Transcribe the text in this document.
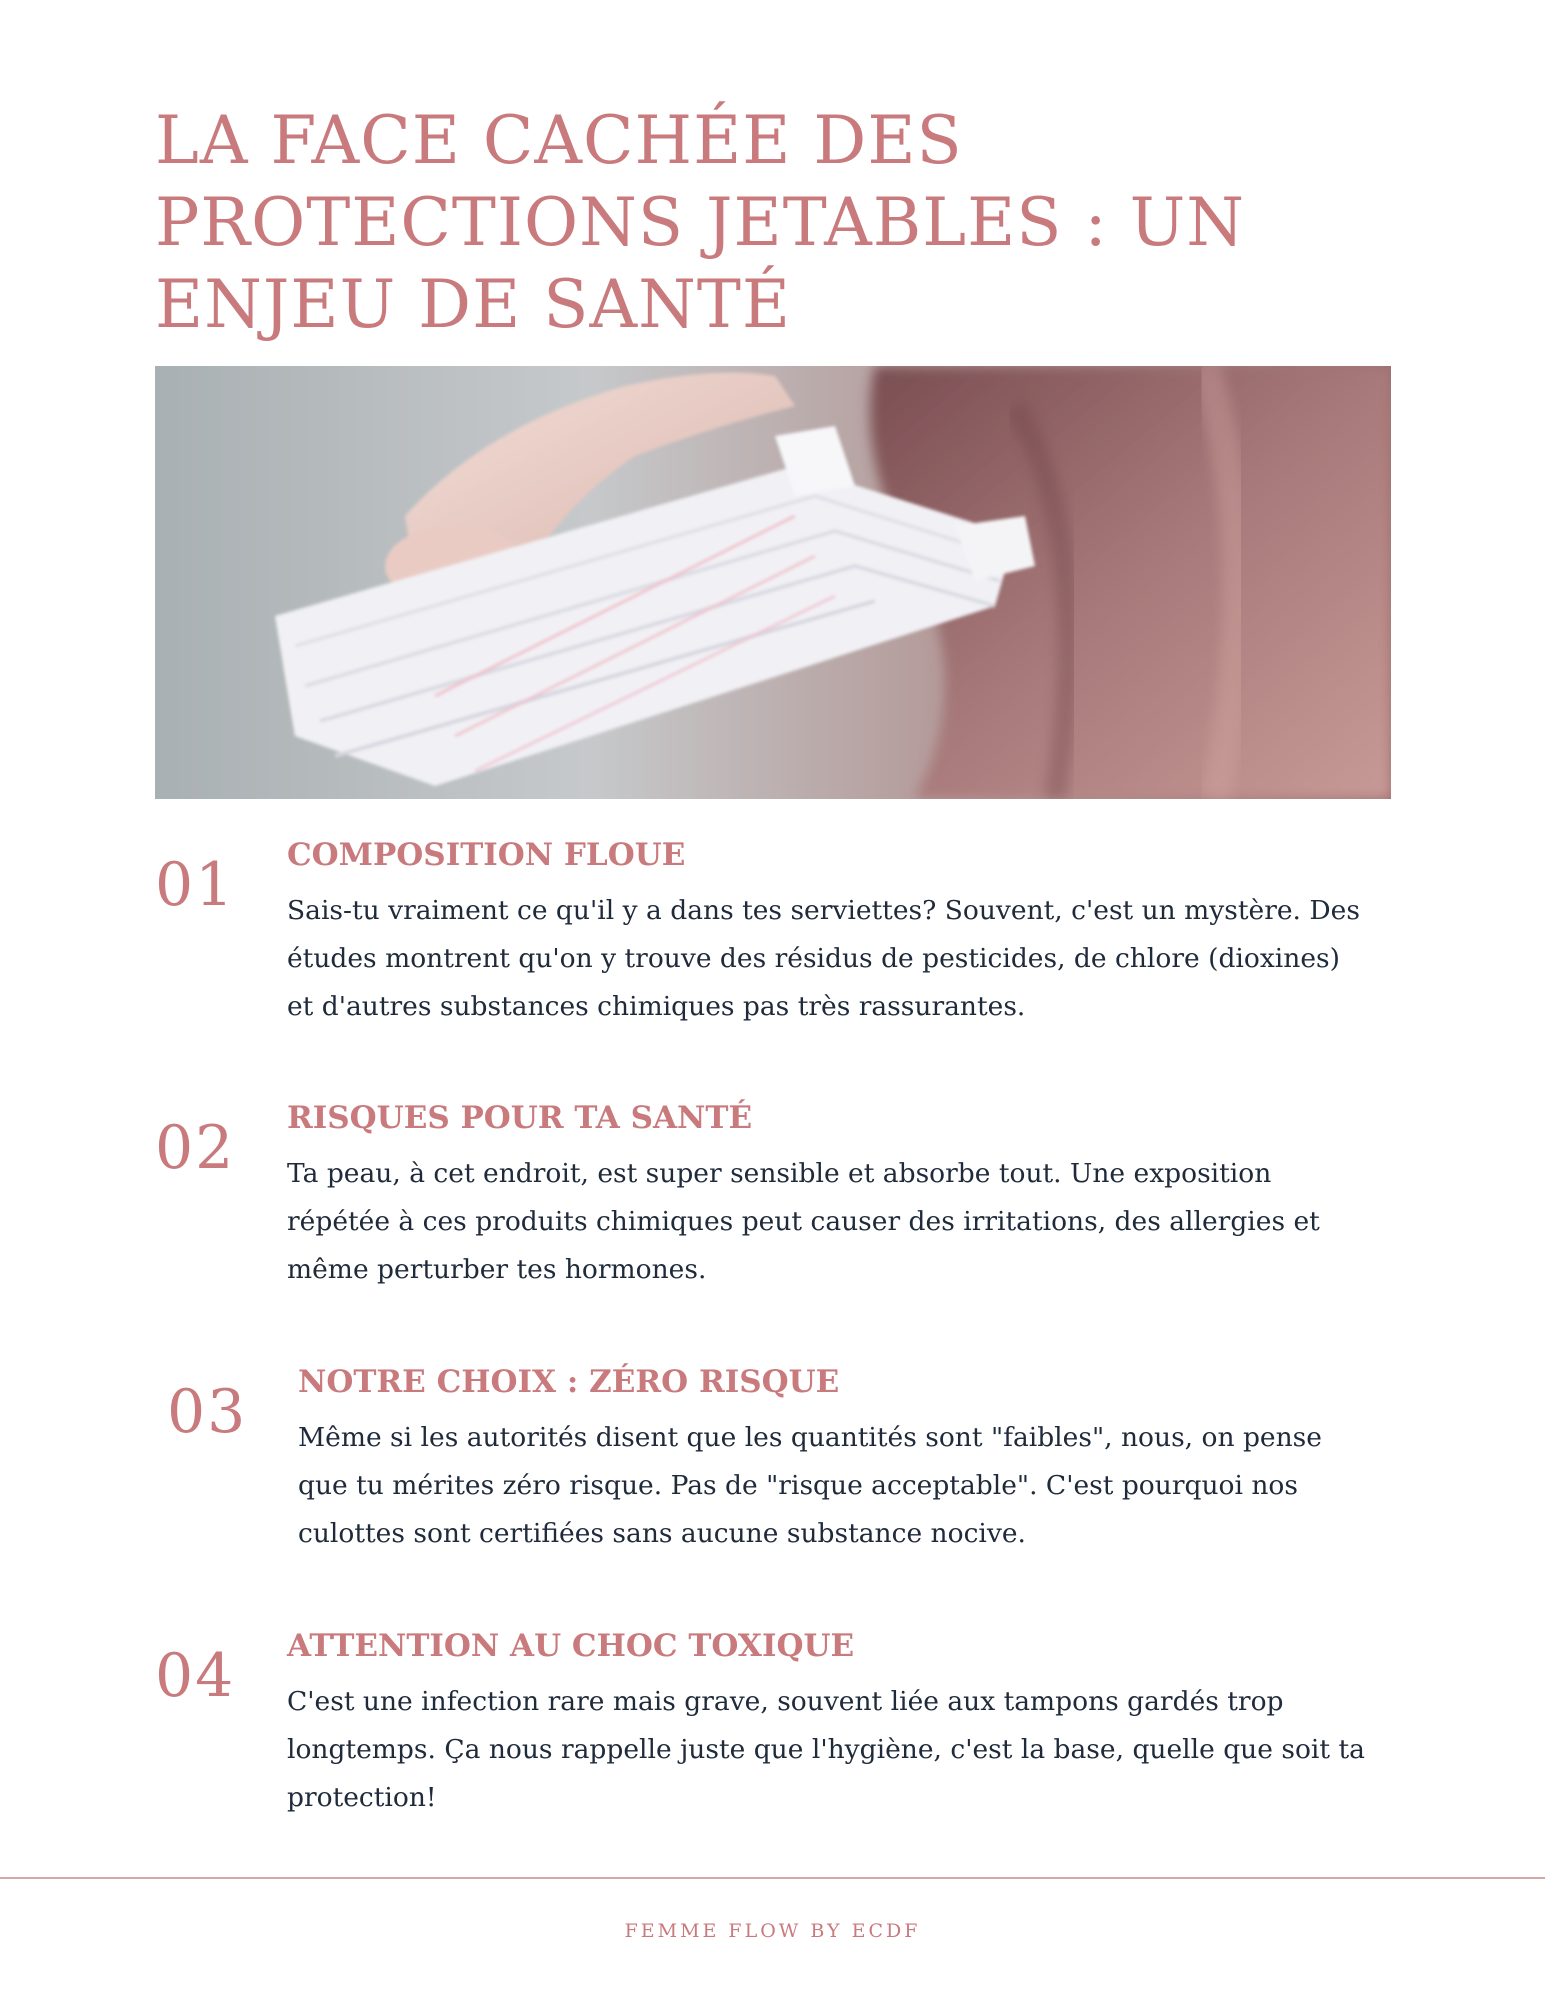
LA FACE CACHÉE DES PROTECTIONS JETABLES : UN ENJEU DE SANTÉ
01 COMPOSITION FLOUE

Sais-tu vraiment ce qu'il y a dans tes serviettes? Souvent, c'est un mystère. Des études montrent qu'on y trouve des résidus de pesticides, de chlore (dioxines) et d'autres substances chimiques pas très rassurantes.

02 RISQUES POUR TA SANTÉ

Ta peau, à cet endroit, est super sensible et absorbe tout. Une exposition répétée à ces produits chimiques peut causer des irritations, des allergies et même perturber tes hormones.

03 NOTRE CHOIX : ZÉRO RISQUE

Même si les autorités disent que les quantités sont "faibles", nous, on pense que tu mérites zéro risque. Pas de "risque acceptable". C'est pourquoi nos culottes sont certifiées sans aucune substance nocive.

04 ATTENTION AU CHOC TOXIQUE

C'est une infection rare mais grave, souvent liée aux tampons gardés trop longtemps. Ça nous rappelle juste que l'hygiène, c'est la base, quelle que soit ta protection!

FEMME FLOW BY ECDF
